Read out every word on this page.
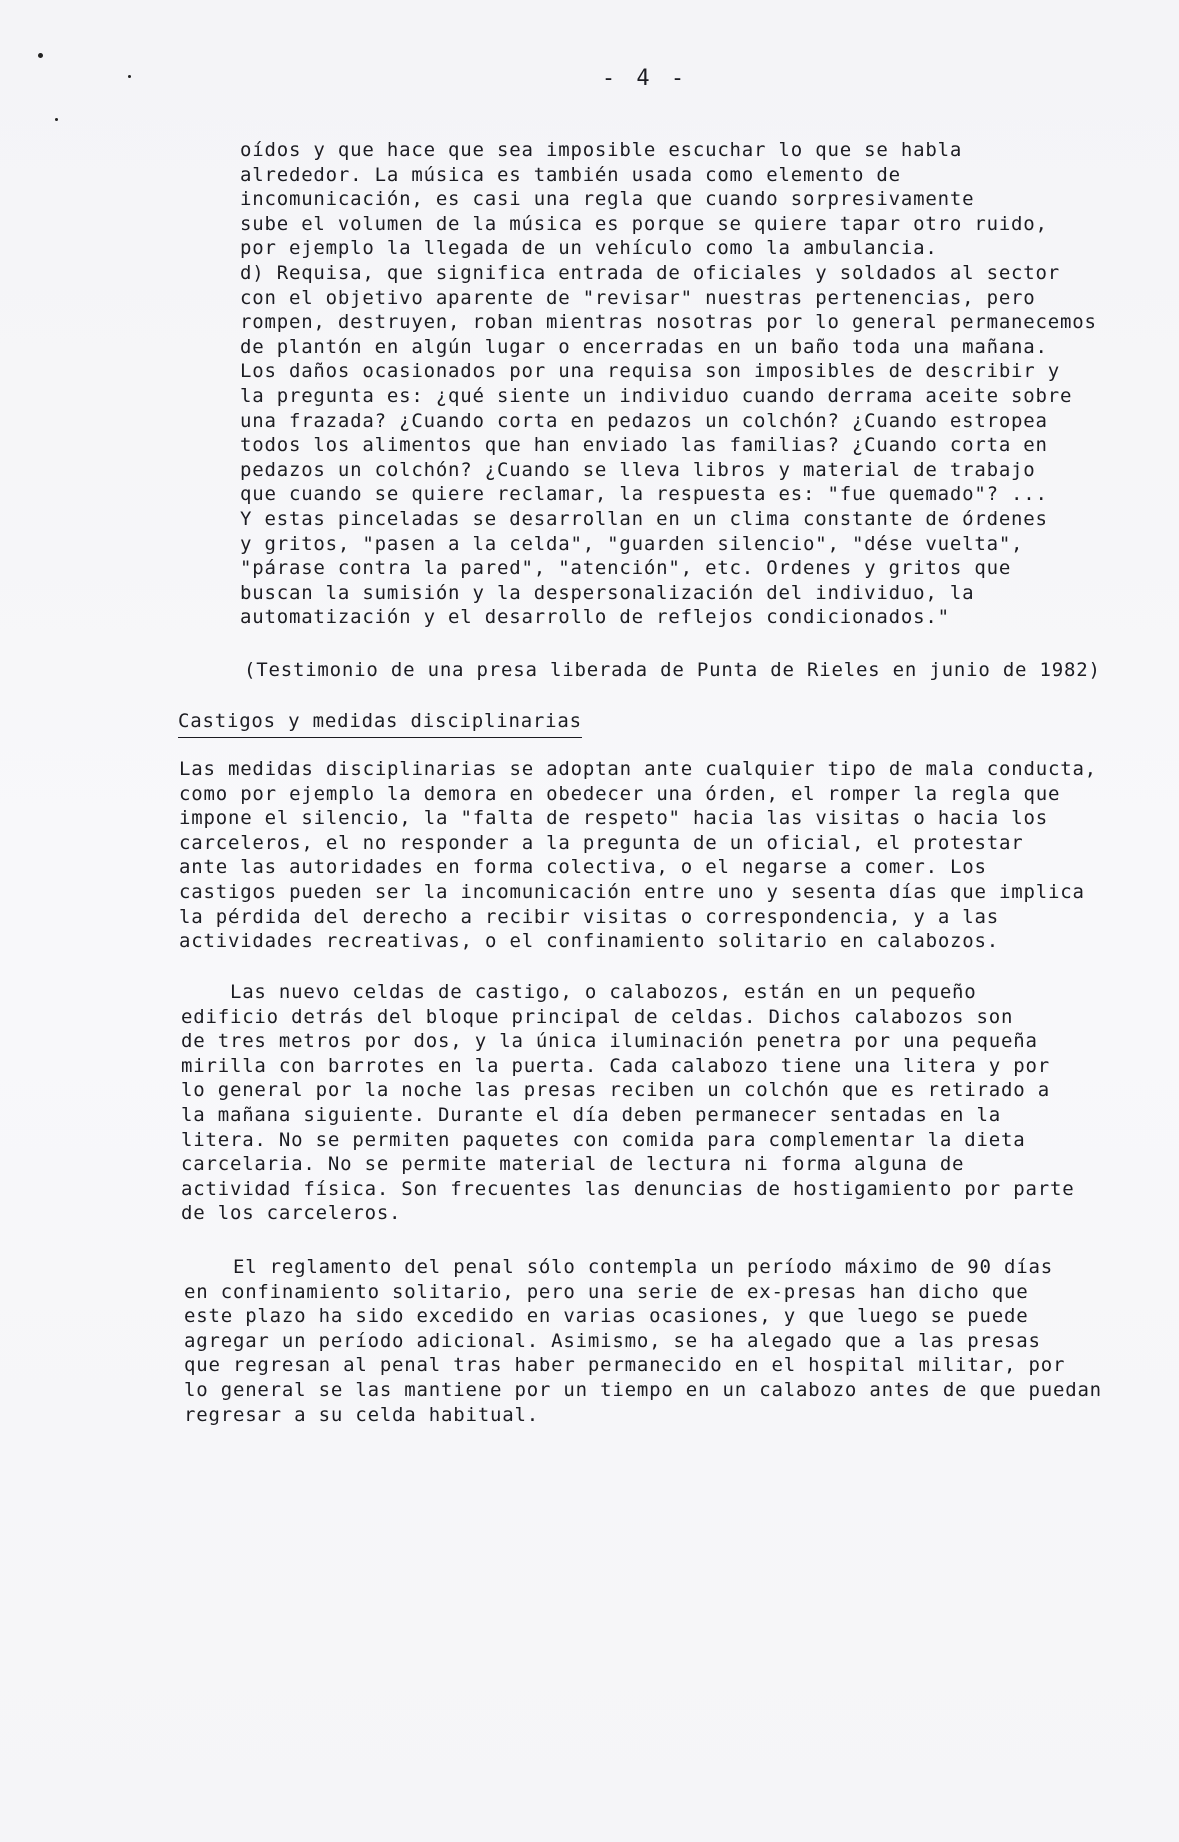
- 4 -
oídos y que hace que sea imposible escuchar lo que se habla
alrededor. La música es también usada como elemento de
incomunicación, es casi una regla que cuando sorpresivamente
sube el volumen de la música es porque se quiere tapar otro ruido,
por ejemplo la llegada de un vehículo como la ambulancia.
d) Requisa, que significa entrada de oficiales y soldados al sector
con el objetivo aparente de "revisar" nuestras pertenencias, pero
rompen, destruyen, roban mientras nosotras por lo general permanecemos
de plantón en algún lugar o encerradas en un baño toda una mañana.
Los daños ocasionados por una requisa son imposibles de describir y
la pregunta es: ¿qué siente un individuo cuando derrama aceite sobre
una frazada? ¿Cuando corta en pedazos un colchón? ¿Cuando estropea
todos los alimentos que han enviado las familias? ¿Cuando corta en
pedazos un colchón? ¿Cuando se lleva libros y material de trabajo
que cuando se quiere reclamar, la respuesta es: "fue quemado"? ...
Y estas pinceladas se desarrollan en un clima constante de órdenes
y gritos, "pasen a la celda", "guarden silencio", "dése vuelta",
"párase contra la pared", "atención", etc. Ordenes y gritos que
buscan la sumisión y la despersonalización del individuo, la
automatización y el desarrollo de reflejos condicionados."
(Testimonio de una presa liberada de Punta de Rieles en junio de 1982)
Castigos y medidas disciplinarias
Las medidas disciplinarias se adoptan ante cualquier tipo de mala conducta,
como por ejemplo la demora en obedecer una órden, el romper la regla que
impone el silencio, la "falta de respeto" hacia las visitas o hacia los
carceleros, el no responder a la pregunta de un oficial, el protestar
ante las autoridades en forma colectiva, o el negarse a comer. Los
castigos pueden ser la incomunicación entre uno y sesenta días que implica
la pérdida del derecho a recibir visitas o correspondencia, y a las
actividades recreativas, o el confinamiento solitario en calabozos.
Las nuevo celdas de castigo, o calabozos, están en un pequeño
edificio detrás del bloque principal de celdas. Dichos calabozos son
de tres metros por dos, y la única iluminación penetra por una pequeña
mirilla con barrotes en la puerta. Cada calabozo tiene una litera y por
lo general por la noche las presas reciben un colchón que es retirado a
la mañana siguiente. Durante el día deben permanecer sentadas en la
litera. No se permiten paquetes con comida para complementar la dieta
carcelaria. No se permite material de lectura ni forma alguna de
actividad física. Son frecuentes las denuncias de hostigamiento por parte
de los carceleros.
El reglamento del penal sólo contempla un período máximo de 90 días
en confinamiento solitario, pero una serie de ex-presas han dicho que
este plazo ha sido excedido en varias ocasiones, y que luego se puede
agregar un período adicional. Asimismo, se ha alegado que a las presas
que regresan al penal tras haber permanecido en el hospital militar, por
lo general se las mantiene por un tiempo en un calabozo antes de que puedan
regresar a su celda habitual.
